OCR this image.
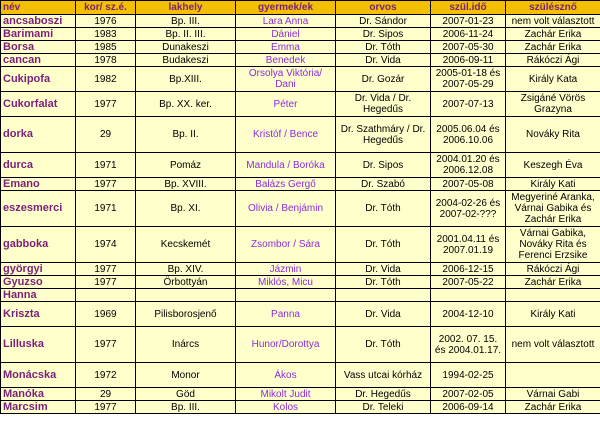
név	kor/ sz.é.	lakhely	gyermek/ek	orvos	szül.idő	szülésznő
ancsaboszi	1976	Bp. III.	Lara Anna	Dr. Sándor	2007-01-23	nem volt választott
Barimami	1983	Bp. II. III.	Dániel	Dr. Sipos	2006-11-24	Zachár Erika
Borsa	1985	Dunakeszi	Emma	Dr. Tóth	2007-05-30	Zachár Erika
cancan	1978	Budakeszi	Benedek	Dr. Vida	2006-09-11	Rákóczi Ági
Cukipofa	1982	Bp.XIII.	Orsolya Viktória/ Dani	Dr. Gozár	2005-01-18 és 2007-05-29	Király Kata
Cukorfalat	1977	Bp. XX. ker.	Péter	Dr. Vida / Dr. Hegedűs	2007-07-13	Zsigáné Vörös Grazyna
dorka	29	Bp. II.	Kristóf / Bence	Dr. Szathmáry / Dr. Hegedűs	2005.06.04 és 2006.10.06	Nováky Rita
durca	1971	Pomáz	Mandula / Boróka	Dr. Sipos	2004.01.20 és 2006.12.08	Keszegh Éva
Emano	1977	Bp. XVIII.	Balázs Gergő	Dr. Szabó	2007-05-08	Király Kati
eszesmerci	1971	Bp. XI.	Olivia / Benjámin	Dr. Tóth	2004-02-26 és 2007-02-???	Megyeriné Aranka, Várnai Gabika és Zachár Erika
gabboka	1974	Kecskemét	Zsombor / Sára	Dr. Tóth	2001.04.11 és 2007.01.19	Várnai Gabika, Nováky Rita és Ferenci Erzsike
györgyi	1977	Bp. XIV.	Jázmin	Dr. Vida	2006-12-15	Rákóczi Ági
Gyuzso	1977	Örbottyán	Miklós, Micu	Dr. Tóth	2007-05-22	Zachár Erika
Hanna						
Kriszta	1969	Pilisborosjenő	Panna	Dr. Vida	2004-12-10	Király Kati
Lilluska	1977	Inárcs	Hunor/Dorottya	Dr. Tóth	2002. 07. 15. és 2004.01.17.	nem volt választott
Monácska	1972	Monor	Ákos	Vass utcai kórház	1994-02-25	
Manóka	29	Göd	Mikolt Judit	Dr. Hegedűs	2007-02-05	Várnai Gabi
Marcsim	1977	Bp. III.	Kolos	Dr. Teleki	2006-09-14	Zachár Erika
